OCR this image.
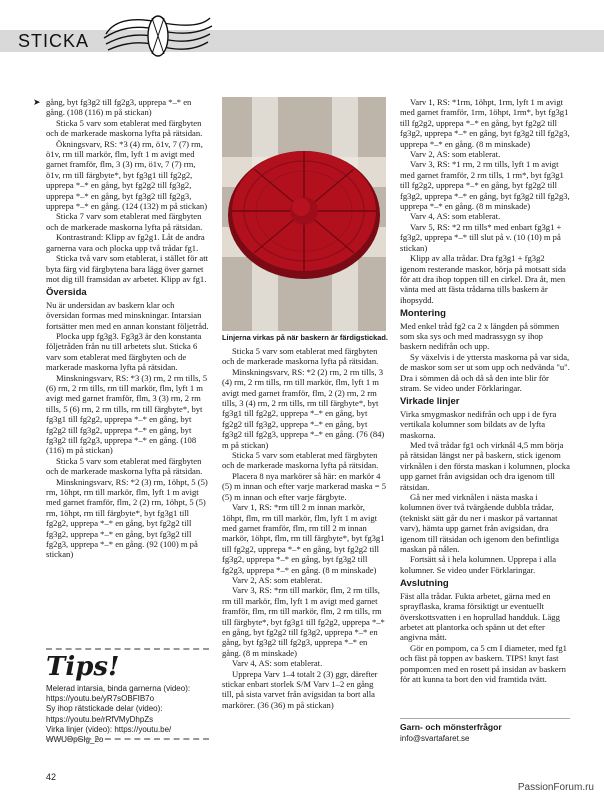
STICKA
➤ gång, byt fg3g2 till fg2g3, upprepa *–* en gång. (108 (116) m på stickan)

Sticka 5 varv som etablerat med färgbyten och de markerade maskorna lyfta på rätsidan.

Ökningsvarv, RS: *3 (4) rm, ö1v, 7 (7) rm, ö1v, rm till markör, flm, lyft 1 m avigt med garnet framför, flm, 3 (3) rm, ö1v, 7 (7) rm, ö1v, rm till färgbyte*, byt fg3g1 till fg2g2, upprepa *–* en gång, byt fg2g2 till fg3g2, upprepa *–* en gång, byt fg3g2 till fg2g3, upprepa *–* en gång. (124 (132) m på stickan)

Sticka 7 varv som etablerat med färgbyten och de markerade maskorna lyfta på rätsidan.

Kontrastrand: Klipp av fg2g1. Låt de andra garnerna vara och plocka upp två trådar fg1.

Sticka två varv som etablerat, i stället för att byta färg vid färgbytena bara lägg över garnet mot dig till framsidan av arbetet. Klipp av fg1.

Översida

Nu är undersidan av baskern klar och översidan formas med minskningar. Intarsian fortsätter men med en annan konstant följetråd.

Plocka upp fg3g3. Fg3g3 är den konstanta följetråden från nu till arbetets slut. Sticka 6 varv som etablerat med färgbyten och de markerade maskorna lyfta på rätsidan.

Minskningsvarv, RS: *3 (3) rm, 2 rm tills, 5 (6) rm, 2 rm tills, rm till markör, flm, lyft 1 m avigt med garnet framför, flm, 3 (3) rm, 2 rm tills, 5 (6) rm, 2 rm tills, rm till färgbyte*, byt fg3g1 till fg2g2, upprepa *–* en gång, byt fg2g2 till fg3g2, upprepa *–* en gång, byt fg3g2 till fg2g3, upprepa *–* en gång. (108 (116) m på stickan)

Sticka 5 varv som etablerat med färgbyten och de markerade maskorna lyfta på rätsidan.

Minskningsvarv, RS: *2 (3) rm, 1öhpt, 5 (5) rm, 1öhpt, rm till markör, flm, lyft 1 m avigt med garnet framför, flm, 2 (2) rm, 1öhpt, 5 (5) rm, 1öhpt, rm till färgbyte*, byt fg3g1 till fg2g2, upprepa *–* en gång, byt fg2g2 till fg3g2, upprepa *–* en gång, byt fg3g2 till fg2g3, upprepa *–* en gång. (92 (100) m på stickan)

Linjerna virkas på när baskern är färdigstickad.

Sticka 5 varv som etablerat med färgbyten och de markerade maskorna lyfta på rätsidan.

Minskningsvarv, RS: *2 (2) rm, 2 rm tills, 3 (4) rm, 2 rm tills, rm till markör, flm, lyft 1 m avigt med garnet framför, flm, 2 (2) rm, 2 rm tills, 3 (4) rm, 2 rm tills, rm till färgbyte*, byt fg3g1 till fg2g2, upprepa *–* en gång, byt fg2g2 till fg3g2, upprepa *–* en gång, byt fg3g2 till fg2g3, upprepa *–* en gång. (76 (84) m på stickan)

Sticka 5 varv som etablerat med färgbyten och de markerade maskorna lyfta på rätsidan.

Placera 8 nya markörer så här: en markör 4 (5) m innan och efter varje markerad maska = 5 (5) m innan och efter varje färgbyte.

Varv 1, RS: *rm till 2 m innan markör, 1öhpt, flm, rm till markör, flm, lyft 1 m avigt med garnet framför, flm, rm till 2 m innan markör, 1öhpt, flm, rm till färgbyte*, byt fg3g1 till fg2g2, upprepa *–* en gång, byt fg2g2 till fg3g2, upprepa *–* en gång, byt fg3g2 till fg2g3, upprepa *–* en gång. (8 m minskade)

Varv 2, AS: som etablerat.

Varv 3, RS: *rm till markör, flm, 2 rm tills, rm till markör, flm, lyft 1 m avigt med garnet framför, flm, rm till markör, flm, 2 rm tills, rm till färgbyte*, byt fg3g1 till fg2g2, upprepa *–* en gång, byt fg2g2 till fg3g2, upprepa *–* en gång, byt fg3g2 till fg2g3, upprepa *–* en gång. (8 m minskade)

Varv 4, AS: som etablerat.

Upprepa Varv 1–4 totalt 2 (3) ggr, därefter stickar enbart storlek S/M Varv 1–2 en gång till, på sista varvet från avigsidan ta bort alla markörer. (36 (36) m på stickan)

Varv 1, RS: *1rm, 1öhpt, 1rm, lyft 1 m avigt med garnet framför, 1rm, 1öhpt, 1rm*, byt fg3g1 till fg2g2, upprepa *–* en gång, byt fg2g2 till fg3g2, upprepa *–* en gång, byt fg3g2 till fg2g3, upprepa *–* en gång. (8 m minskade)

Varv 2, AS: som etablerat.

Varv 3, RS: *1 rm, 2 rm tills, lyft 1 m avigt med garnet framför, 2 rm tills, 1 rm*, byt fg3g1 till fg2g2, upprepa *–* en gång, byt fg2g2 till fg3g2, upprepa *–* en gång, byt fg3g2 till fg2g3, upprepa *–* en gång. (8 m minskade)

Varv 4, AS: som etablerat.

Varv 5, RS: *2 rm tills* med enbart fg3g1 + fg3g2, upprepa *–* till slut på v. (10 (10) m på stickan)

Klipp av alla trådar. Dra fg3g1 + fg3g2 igenom resterande maskor, börja på motsatt sida för att dra ihop toppen till en cirkel. Dra åt, men vänta med att fästa trådarna tills baskern är ihopsydd.

Montering

Med enkel tråd fg2 ca 2 x längden på sömmen som ska sys och med madrassygn sy ihop baskern nedifrån och upp.

Sy växelvis i de yttersta maskorna på var sida, de maskor som ser ut som upp och nedvända "u". Dra i sömmen då och då så den inte blir för stram. Se video under Förklaringar.

Virkade linjer

Virka smygmaskor nedifrån och upp i de fyra vertikala kolumner som bildats av de lyfta maskorna.

Med två trådar fg1 och virknål 4,5 mm börja på rätsidan längst ner på baskern, stick igenom virknålen i den första maskan i kolumnen, plocka upp garnet från avigsidan och dra igenom till rätsidan.

Gå ner med virknålen i nästa maska i kolumnen över två tvärgående dubbla trådar, (tekniskt sätt går du ner i maskor på vartannat varv), hämta upp garnet från avigsidan, dra igenom till rätsidan och igenom den befintliga maskan på nålen.

Fortsätt så i hela kolumnen. Upprepa i alla kolumner. Se video under Förklaringar.

Avslutning

Fäst alla trådar. Fukta arbetet, gärna med en sprayflaska, krama försiktigt ur eventuellt överskottsvatten i en hoprullad handduk. Lägg arbetet att plantorka och spänn ut det efter angivna mått.

Gör en pompom, ca 5 cm I diameter, med fg1 och fäst på toppen av baskern. TIPS! knyt fast pompom:en med en rosett på insidan av baskern för att kunna ta bort den vid framtida tvätt.

Tips!

Melerad intarsia, binda garnerna (video):

https://youtu.be/yR7sOBFIB7o

Sy ihop rätstickade delar (video):

https://youtu.be/rRfVMyDhpZs

Virka linjer (video): https://youtu.be/

WWUOpGlg_2o

Garn- och mönsterfrågor
info@svartafaret.se
42
PassionForum.ru
